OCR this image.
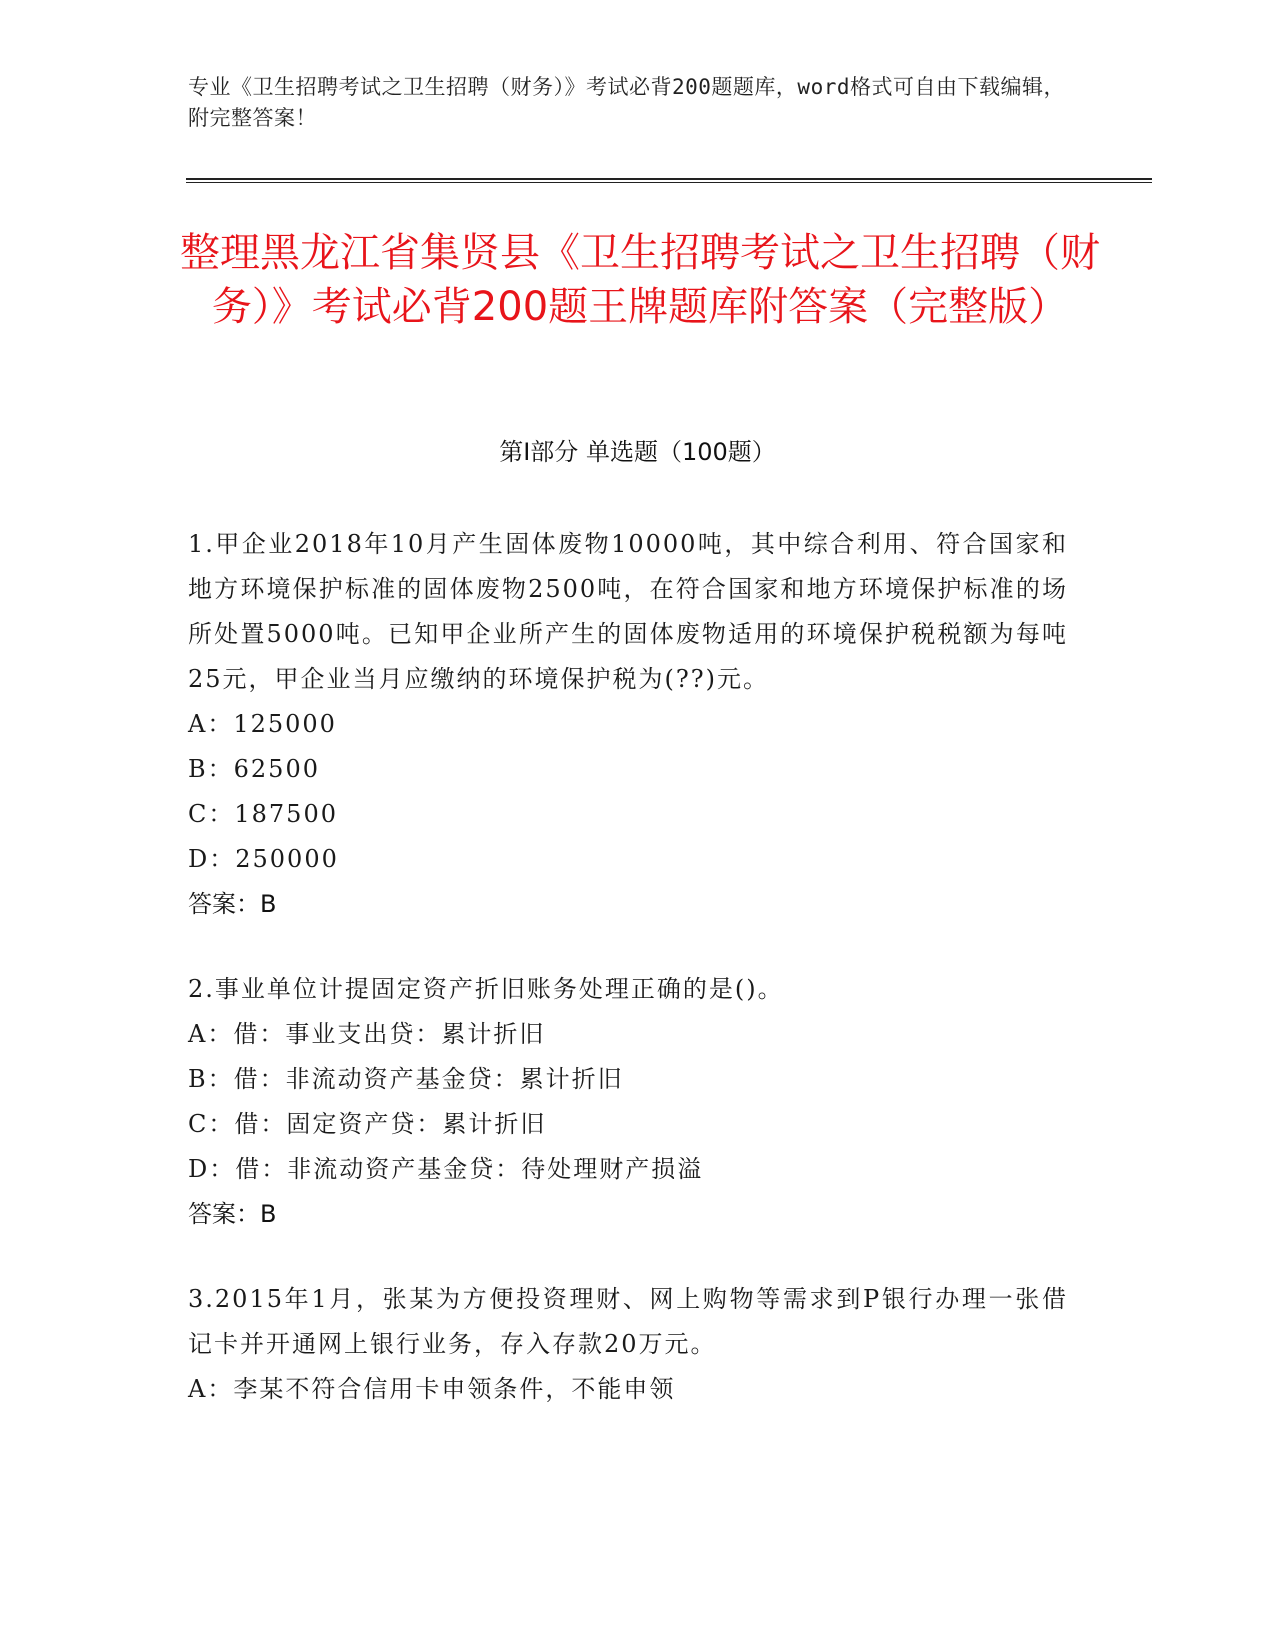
专业《卫生招聘考试之卫生招聘（财务）》考试必背200题题库，word格式可自由下载编辑，附完整答案！
整理黑龙江省集贤县《卫生招聘考试之卫生招聘（财务）》考试必背200题王牌题库附答案（完整版）
第Ⅰ部分 单选题（100题）

1.甲企业2018年10月产生固体废物10000吨，其中综合利用、符合国家和地方环境保护标准的固体废物2500吨，在符合国家和地方环境保护标准的场所处置5000吨。已知甲企业所产生的固体废物适用的环境保护税税额为每吨25元，甲企业当月应缴纳的环境保护税为(??)元。

A：125000

B：62500

C：187500

D：250000

答案：B

2.事业单位计提固定资产折旧账务处理正确的是()。

A：借：事业支出贷：累计折旧

B：借：非流动资产基金贷：累计折旧

C：借：固定资产贷：累计折旧

D：借：非流动资产基金贷：待处理财产损溢

答案：B

3.2015年1月，张某为方便投资理财、网上购物等需求到P银行办理一张借记卡并开通网上银行业务，存入存款20万元。

A：李某不符合信用卡申领条件，不能申领
